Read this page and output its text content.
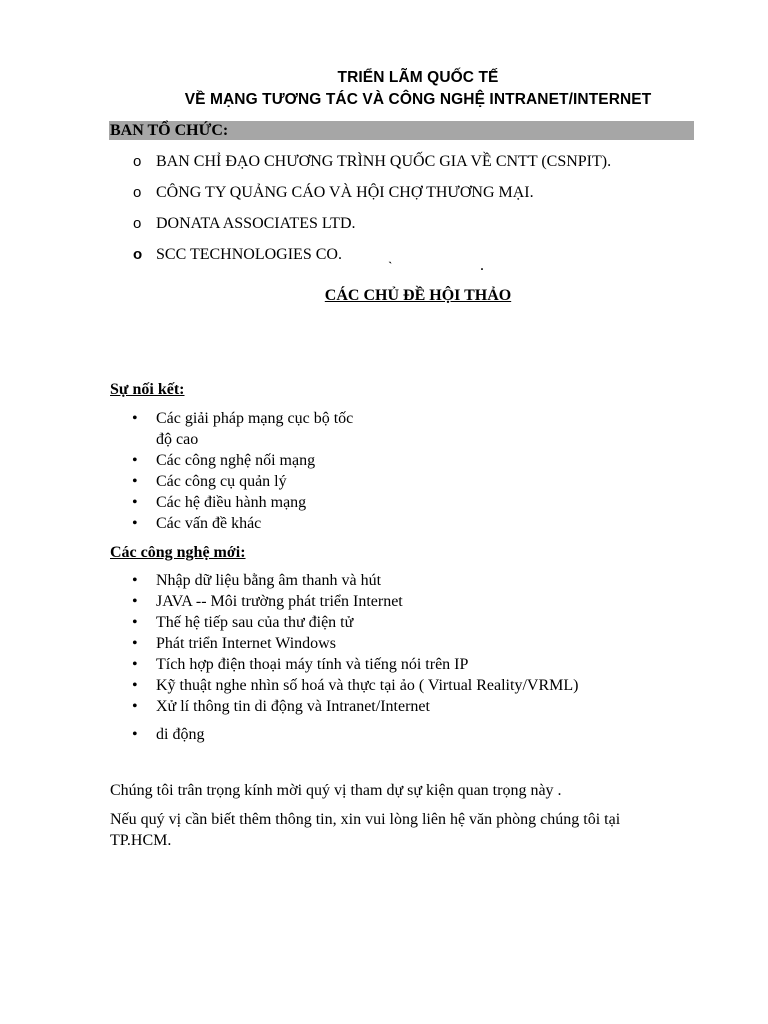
TRIỂN LÃM QUỐC TẾ
VỀ MẠNG TƯƠNG TÁC VÀ CÔNG NGHỆ INTRANET/INTERNET
BAN TỔ CHỨC:
o BAN CHỈ ĐẠO CHƯƠNG TRÌNH QUỐC GIA VỀ CNTT (CSNPIT).
o CÔNG TY QUẢNG CÁO VÀ HỘI CHỢ THƯƠNG MẠI.
o DONATA ASSOCIATES LTD.
o SCC TECHNOLOGIES CO.
·
CÁC CHỦ ĐỀ HỘI THẢO
Sự nối kết:
• Các giải pháp mạng cục bộ tốc độ cao
• Các công nghệ nối mạng
• Các công cụ quản lý
• Các hệ điều hành mạng
• Các vấn đề khác
Các công nghệ mới:
• Nhập dữ liệu bằng âm thanh và hút
• JAVA -- Môi trường phát triển Internet
• Thế hệ tiếp sau của thư điện tử
• Phát triển Internet Windows
• Tích hợp điện thoại máy tính và tiếng nói trên IP
• Kỹ thuật nghe nhìn số hoá và thực tại ảo ( Virtual Reality/VRML)
• Xử lí thông tin di động và Intranet/Internet
• di động
Chúng tôi trân trọng kính mời quý vị tham dự sự kiện quan trọng này .
Nếu quý vị cần biết thêm thông tin, xin vui lòng liên hệ văn phòng chúng tôi tại TP.HCM.
